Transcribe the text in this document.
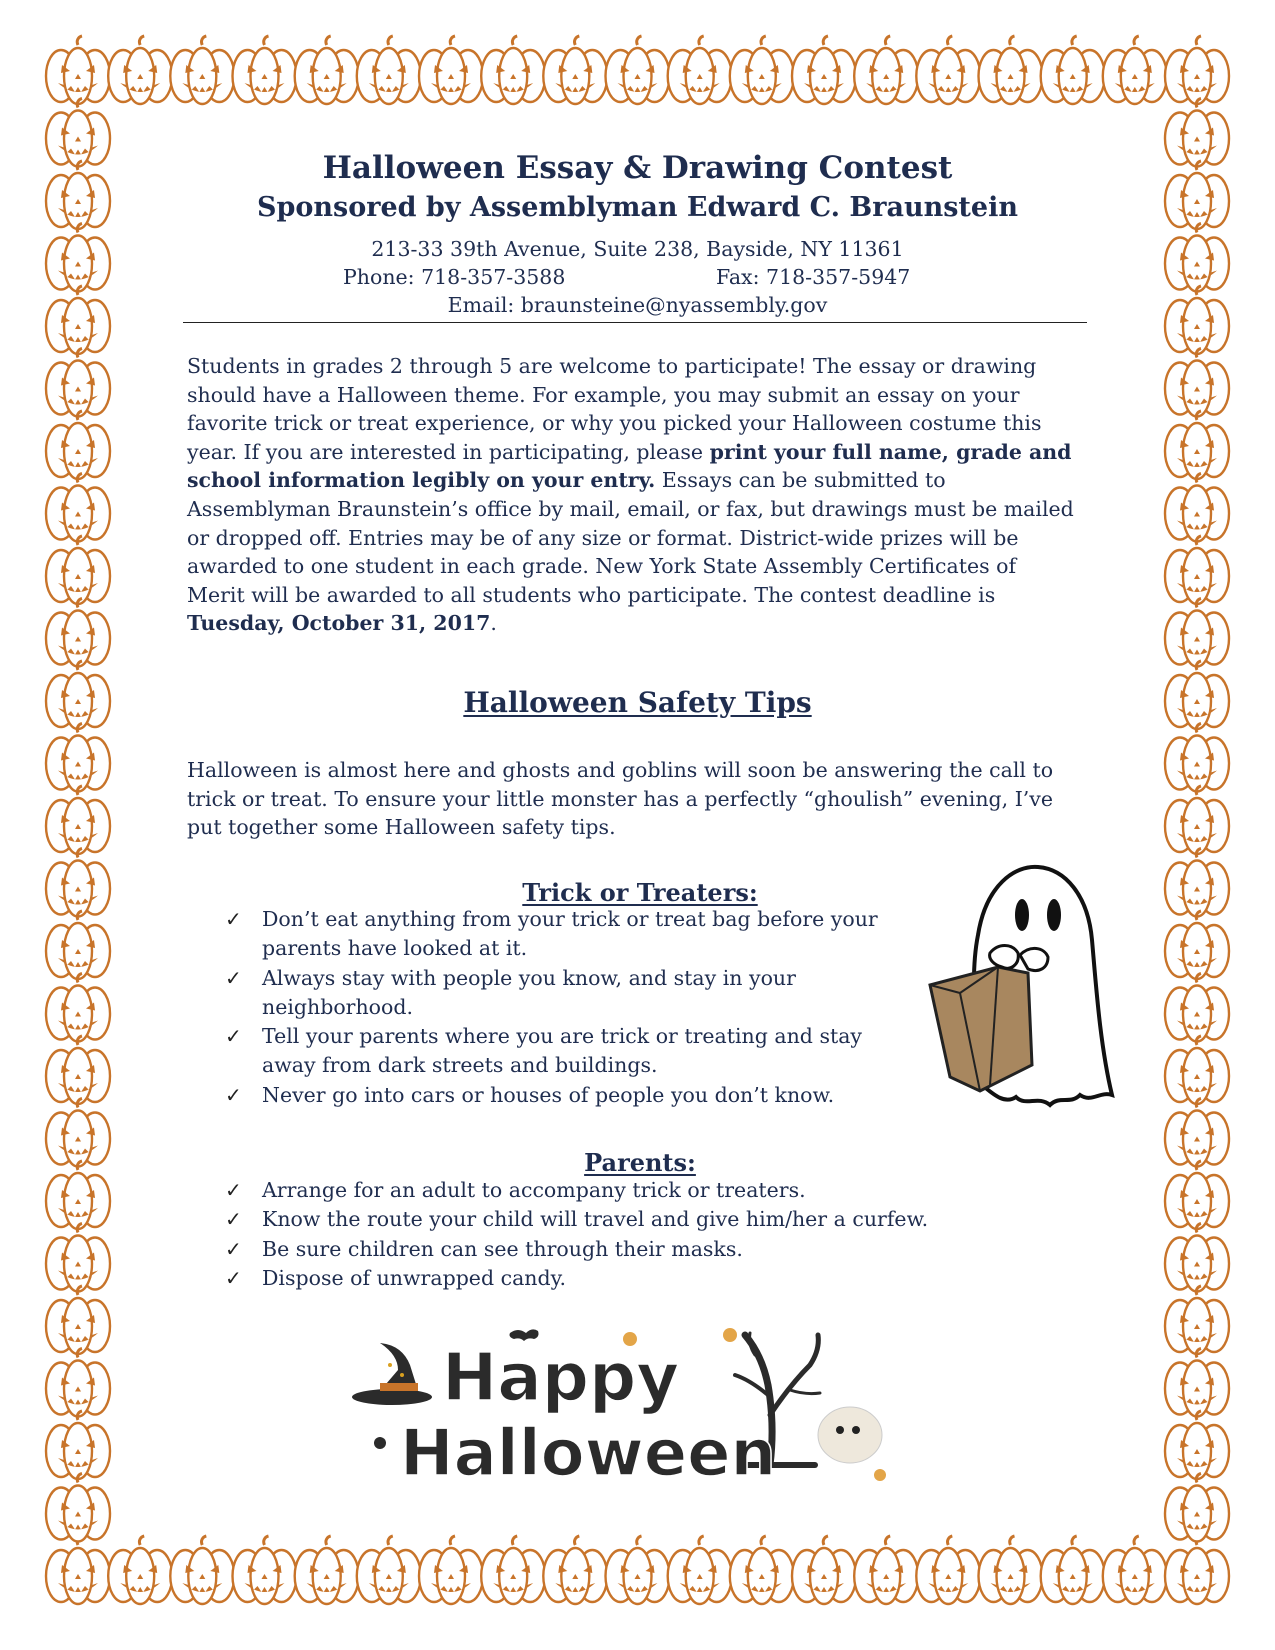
Halloween Essay & Drawing Contest
Sponsored by Assemblyman Edward C. Braunstein
213-33 39th Avenue, Suite 238, Bayside, NY 11361
Phone: 718-357-3588	Fax: 718-357-5947
Email: braunsteine@nyassembly.gov
Students in grades 2 through 5 are welcome to participate! The essay or drawing should have a Halloween theme. For example, you may submit an essay on your favorite trick or treat experience, or why you picked your Halloween costume this year. If you are interested in participating, please print your full name, grade and school information legibly on your entry. Essays can be submitted to Assemblyman Braunstein’s office by mail, email, or fax, but drawings must be mailed or dropped off. Entries may be of any size or format. District-wide prizes will be awarded to one student in each grade. New York State Assembly Certificates of Merit will be awarded to all students who participate. The contest deadline is Tuesday, October 31, 2017.
Halloween Safety Tips
Halloween is almost here and ghosts and goblins will soon be answering the call to trick or treat. To ensure your little monster has a perfectly “ghoulish” evening, I’ve put together some Halloween safety tips.
Trick or Treaters:
✓ Don’t eat anything from your trick or treat bag before your parents have looked at it.
✓ Always stay with people you know, and stay in your neighborhood.
✓ Tell your parents where you are trick or treating and stay away from dark streets and buildings.
✓ Never go into cars or houses of people you don’t know.
Parents:
✓ Arrange for an adult to accompany trick or treaters.
✓ Know the route your child will travel and give him/her a curfew.
✓ Be sure children can see through their masks.
✓ Dispose of unwrapped candy.
Happy
Halloween
